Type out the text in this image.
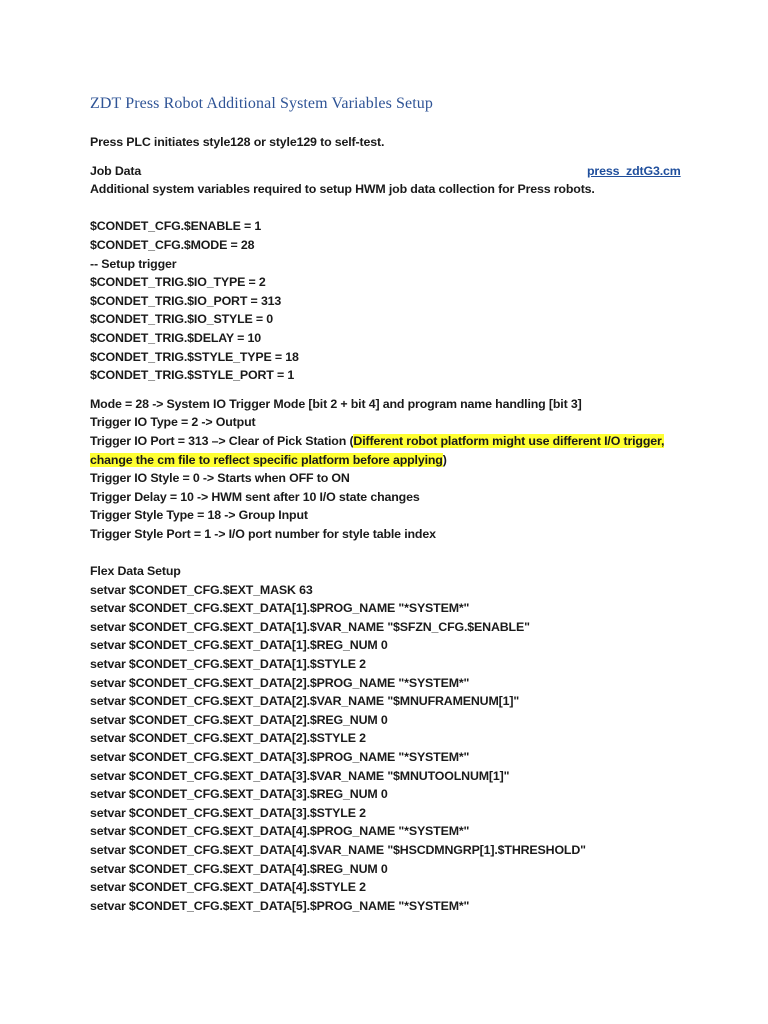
ZDT Press Robot Additional System Variables Setup
Press PLC initiates style128 or style129 to self-test.
Job Data	press_zdtG3.cm
Additional system variables required to setup HWM job data collection for Press robots.
$CONDET_CFG.$ENABLE = 1
$CONDET_CFG.$MODE = 28
-- Setup trigger
$CONDET_TRIG.$IO_TYPE = 2
$CONDET_TRIG.$IO_PORT = 313
$CONDET_TRIG.$IO_STYLE = 0
$CONDET_TRIG.$DELAY = 10
$CONDET_TRIG.$STYLE_TYPE = 18
$CONDET_TRIG.$STYLE_PORT = 1
Mode = 28 -> System IO Trigger Mode [bit 2 + bit 4] and program name handling [bit 3]
Trigger IO Type = 2 -> Output
Trigger IO Port = 313 –> Clear of Pick Station (Different robot platform might use different I/O trigger,
change the cm file to reflect specific platform before applying)
Trigger IO Style = 0 -> Starts when OFF to ON
Trigger Delay = 10 -> HWM sent after 10 I/O state changes
Trigger Style Type = 18 -> Group Input
Trigger Style Port = 1 -> I/O port number for style table index
Flex Data Setup
setvar $CONDET_CFG.$EXT_MASK 63
setvar $CONDET_CFG.$EXT_DATA[1].$PROG_NAME "*SYSTEM*"
setvar $CONDET_CFG.$EXT_DATA[1].$VAR_NAME "$SFZN_CFG.$ENABLE"
setvar $CONDET_CFG.$EXT_DATA[1].$REG_NUM 0
setvar $CONDET_CFG.$EXT_DATA[1].$STYLE 2
setvar $CONDET_CFG.$EXT_DATA[2].$PROG_NAME "*SYSTEM*"
setvar $CONDET_CFG.$EXT_DATA[2].$VAR_NAME "$MNUFRAMENUM[1]"
setvar $CONDET_CFG.$EXT_DATA[2].$REG_NUM 0
setvar $CONDET_CFG.$EXT_DATA[2].$STYLE 2
setvar $CONDET_CFG.$EXT_DATA[3].$PROG_NAME "*SYSTEM*"
setvar $CONDET_CFG.$EXT_DATA[3].$VAR_NAME "$MNUTOOLNUM[1]"
setvar $CONDET_CFG.$EXT_DATA[3].$REG_NUM 0
setvar $CONDET_CFG.$EXT_DATA[3].$STYLE 2
setvar $CONDET_CFG.$EXT_DATA[4].$PROG_NAME "*SYSTEM*"
setvar $CONDET_CFG.$EXT_DATA[4].$VAR_NAME "$HSCDMNGRP[1].$THRESHOLD"
setvar $CONDET_CFG.$EXT_DATA[4].$REG_NUM 0
setvar $CONDET_CFG.$EXT_DATA[4].$STYLE 2
setvar $CONDET_CFG.$EXT_DATA[5].$PROG_NAME "*SYSTEM*"
